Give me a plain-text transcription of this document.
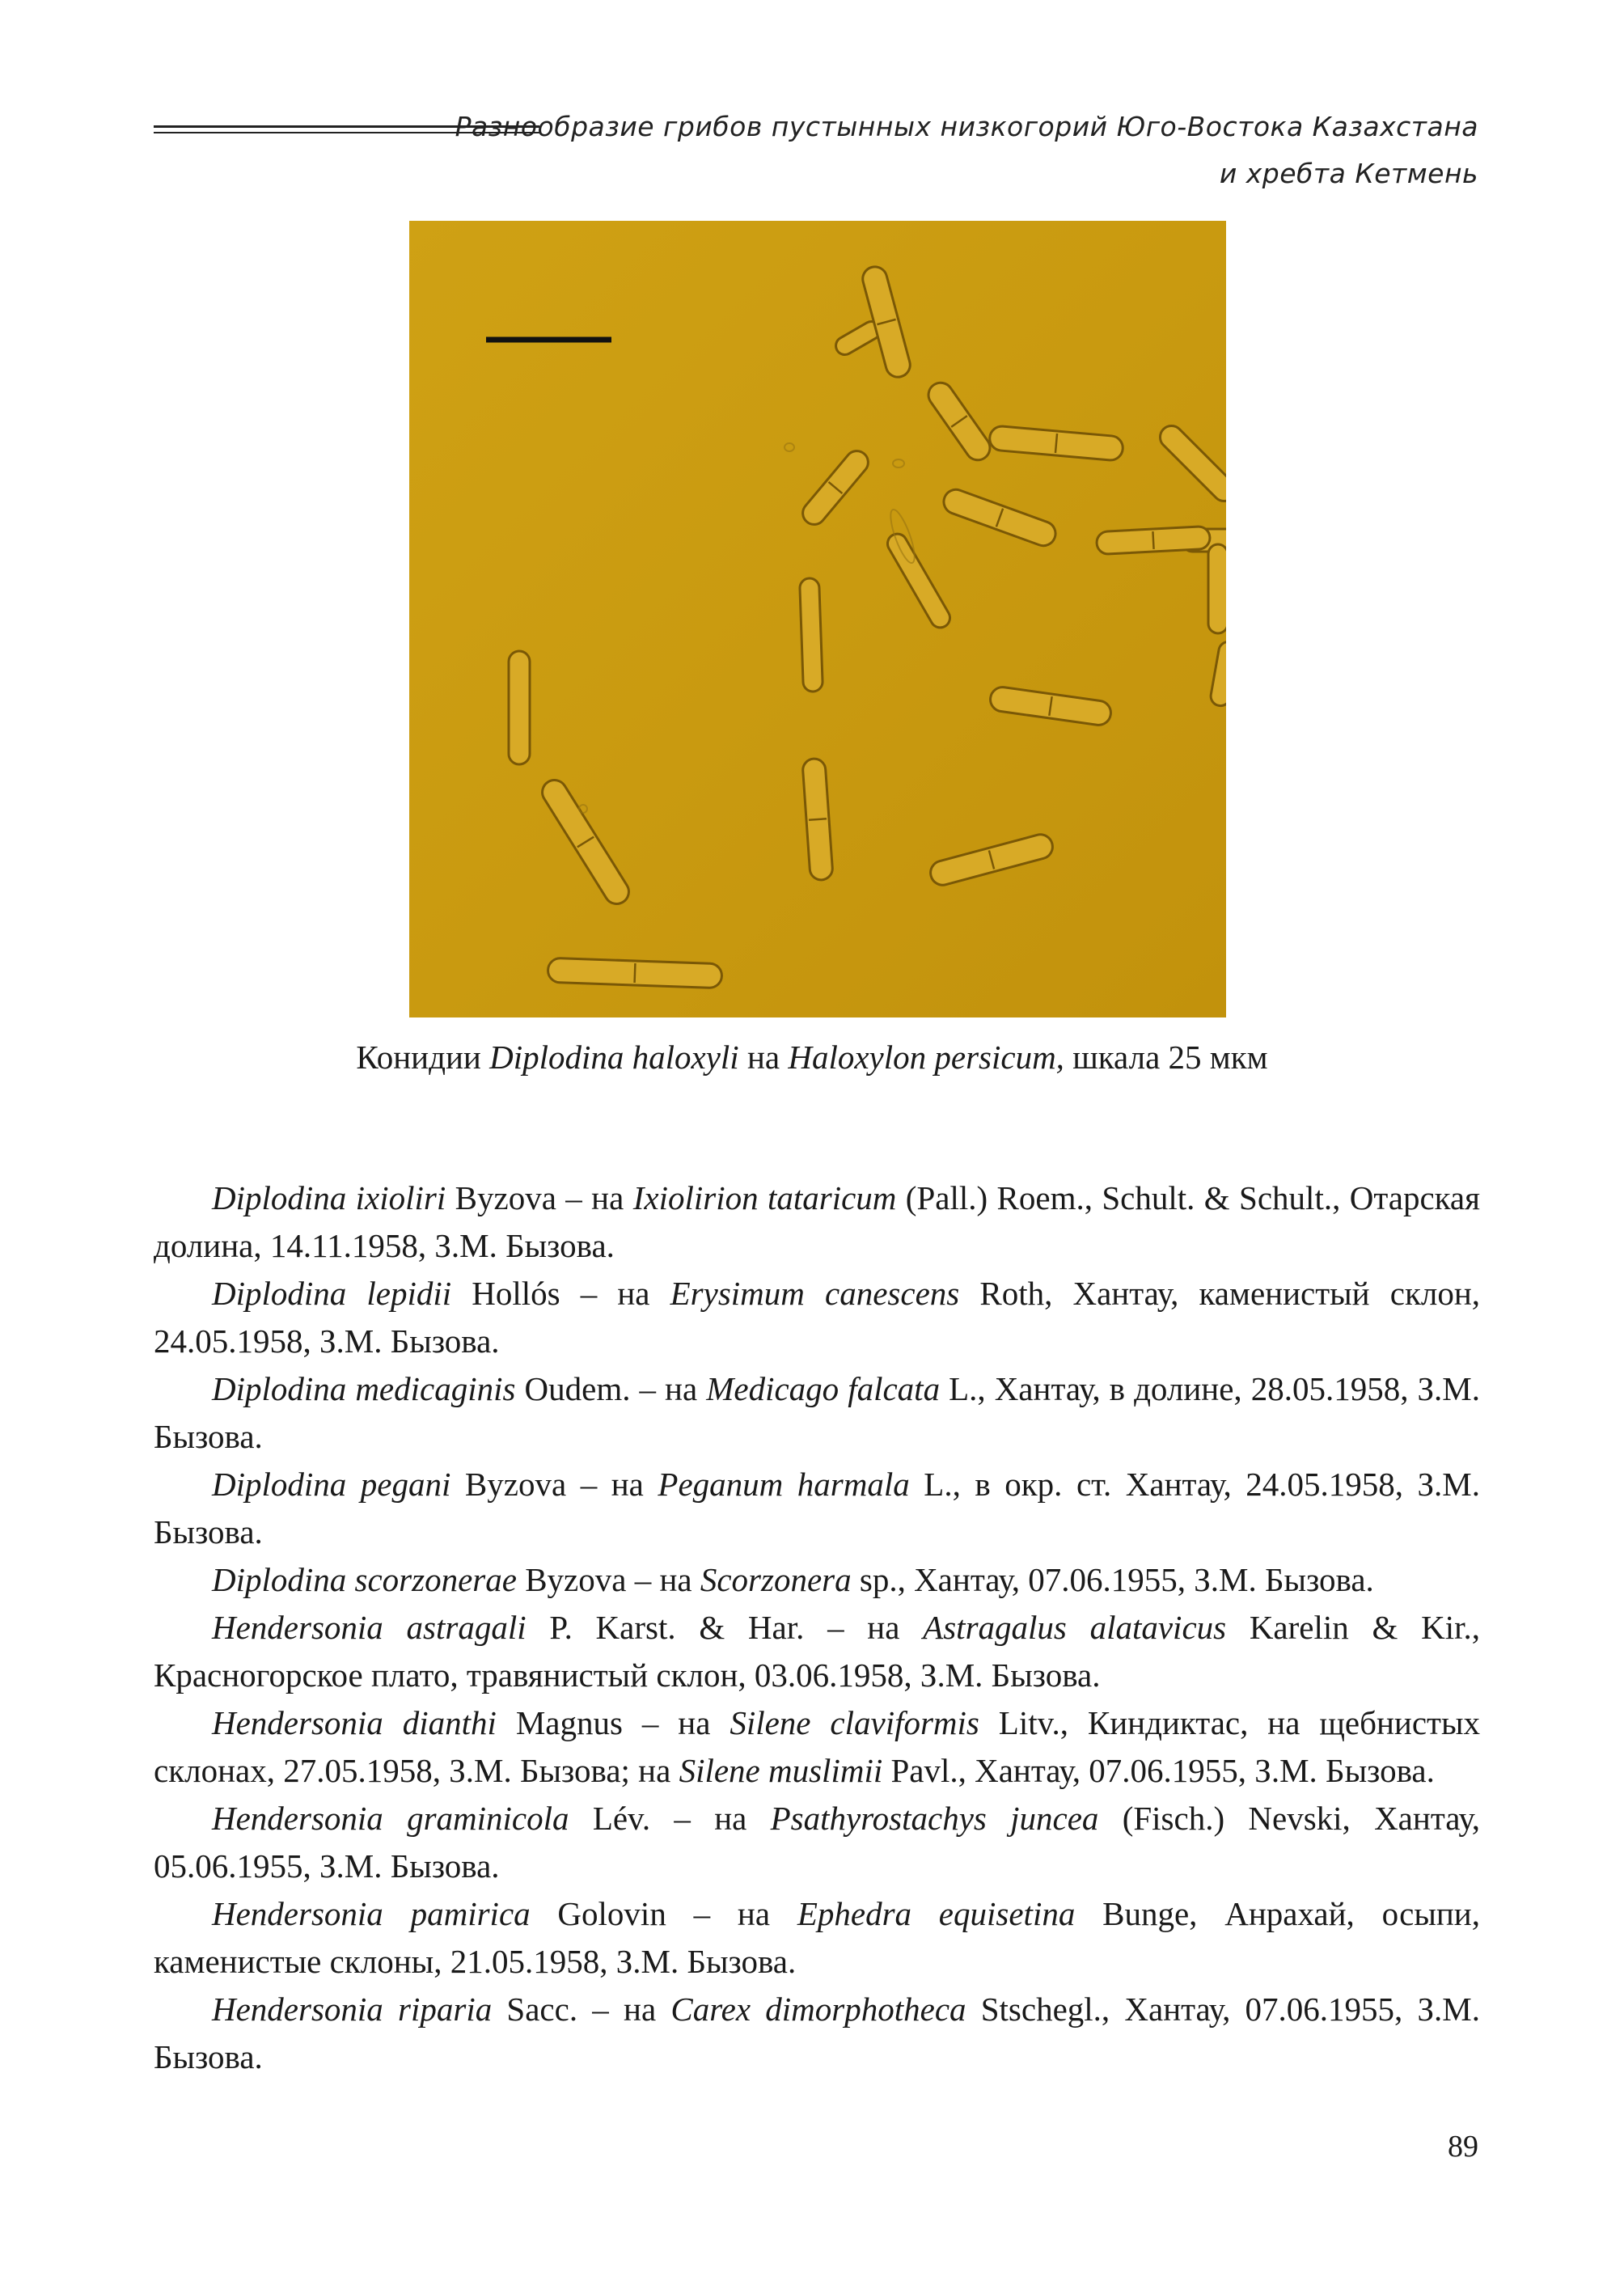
Разнообразие грибов пустынных низкогорий Юго-Востока Казахстана
и хребта Кетмень
Конидии Diplodina haloxyli на Haloxylon persicum, шкала 25 мкм

Diplodina ixioliri Byzova – на Ixiolirion tataricum (Pall.) Roem., Schult. & Schult., Отарская долина, 14.11.1958, З.М. Бызова.

Diplodina lepidii Hollós – на Erysimum canescens Roth, Хантау, каменистый склон, 24.05.1958, З.М. Бызова.

Diplodina medicaginis Oudem. – на Medicago falcata L., Хантау, в долине, 28.05.1958, З.М. Бызова.

Diplodina pegani Byzova – на Peganum harmala L., в окр. ст. Хантау, 24.05.1958, З.М. Бызова.

Diplodina scorzonerae Byzova – на Scorzonera sp., Хантау, 07.06.1955, З.М. Бызова.

Hendersonia astragali P. Karst. & Har. – на Astragalus alatavicus Karelin & Kir., Красногорское плато, травянистый склон, 03.06.1958, З.М. Бызова.

Hendersonia dianthi Magnus – на Silene claviformis Litv., Киндиктас, на щебнистых склонах, 27.05.1958, З.М. Бызова; на Silene muslimii Pavl., Хантау, 07.06.1955, З.М. Бызова.

Hendersonia graminicola Lév. – на Psathyrostachys juncea (Fisch.) Nevski, Хантау, 05.06.1955, З.М. Бызова.

Hendersonia pamirica Golovin – на Ephedra equisetina Bunge, Анрахай, осыпи, каменистые склоны, 21.05.1958, З.М. Бызова.

Hendersonia riparia Sacc. – на Carex dimorphotheca Stschegl., Хантау, 07.06.1955, З.М. Бызова.

89
